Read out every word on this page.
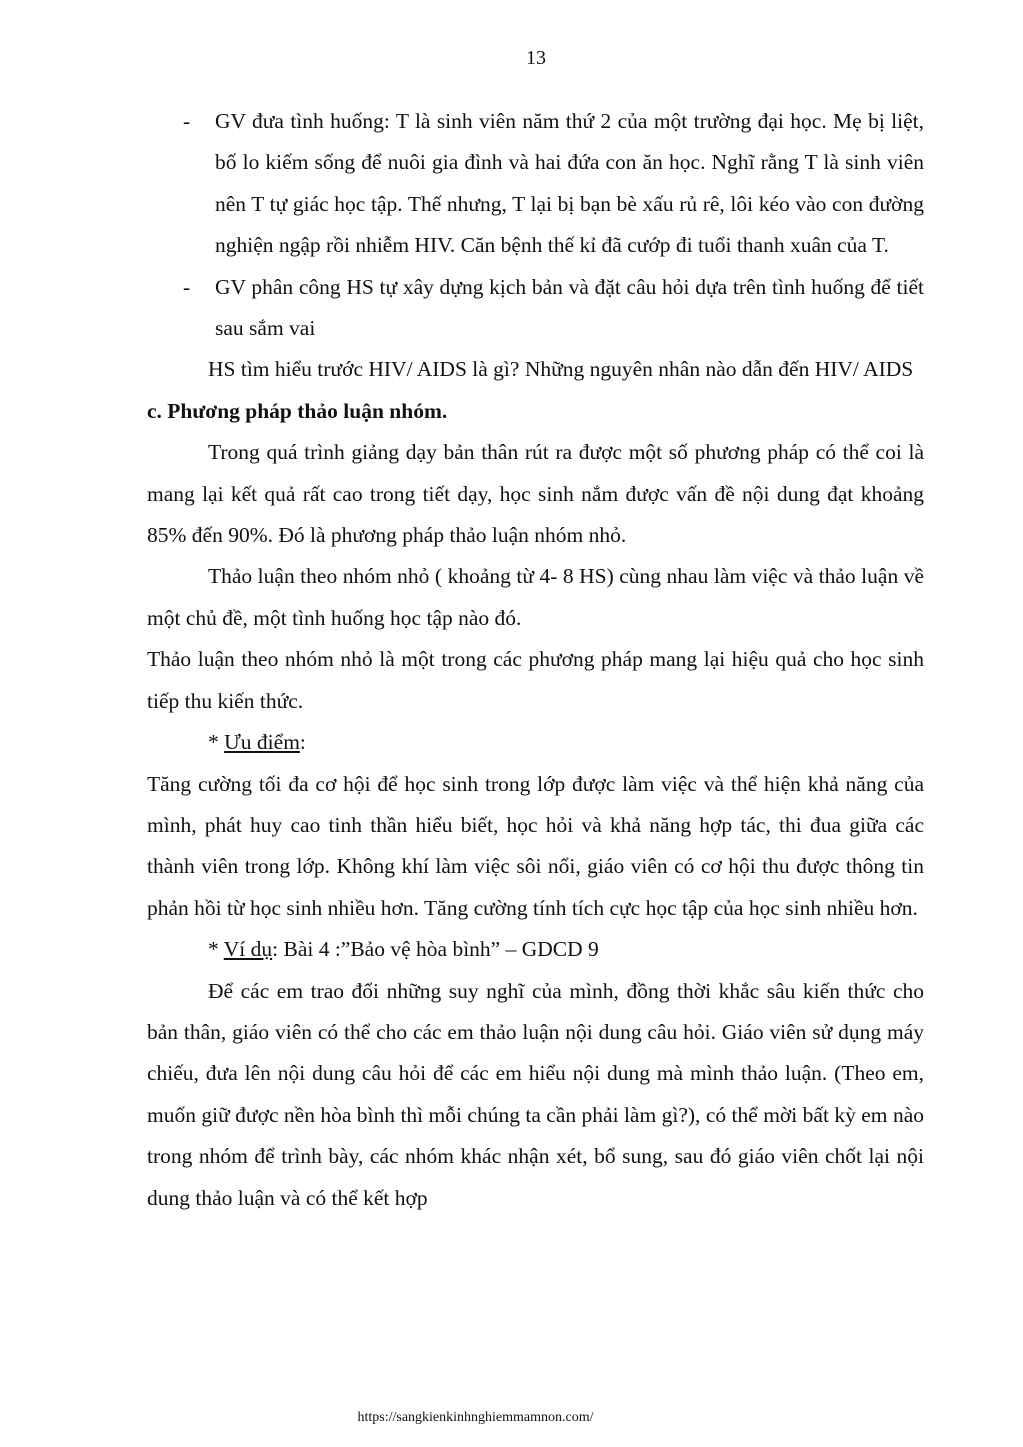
13

- GV đưa tình huống: T là sinh viên năm thứ 2 của một trường đại học. Mẹ bị liệt, bố lo kiếm sống để nuôi gia đình và hai đứa con ăn học. Nghĩ rằng T là sinh viên nên T tự giác học tập. Thế nhưng, T lại bị bạn bè xấu rủ rê, lôi kéo vào con đường nghiện ngập rồi nhiễm HIV. Căn bệnh thế kỉ đã cướp đi tuổi thanh xuân của T.

- GV phân công HS tự xây dựng kịch bản và đặt câu hỏi dựa trên tình huống để tiết sau sắm vai

HS tìm hiểu trước HIV/ AIDS là gì? Những nguyên nhân nào dẫn đến HIV/ AIDS

c. Phương pháp thảo luận nhóm.

Trong quá trình giảng dạy bản thân rút ra được một số phương pháp có thể coi là mang lại kết quả rất cao trong tiết dạy, học sinh nắm được vấn đề nội dung đạt khoảng 85% đến 90%. Đó là phương pháp thảo luận nhóm nhỏ.

Thảo luận theo nhóm nhỏ ( khoảng từ 4- 8 HS) cùng nhau làm việc và thảo luận về một chủ đề, một tình huống học tập nào đó.

Thảo luận theo nhóm nhỏ là một trong các phương pháp mang lại hiệu quả cho học sinh tiếp thu kiến thức.

* Ưu điểm:

Tăng cường tối đa cơ hội để học sinh trong lớp được làm việc và thể hiện khả năng của mình, phát huy cao tinh thần hiểu biết, học hỏi và khả năng hợp tác, thi đua giữa các thành viên trong lớp. Không khí làm việc sôi nổi, giáo viên có cơ hội thu được thông tin phản hồi từ học sinh nhiều hơn. Tăng cường tính tích cực học tập của học sinh nhiều hơn.

* Ví dụ: Bài 4 :”Bảo vệ hòa bình” – GDCD 9

Để các em trao đổi những suy nghĩ của mình, đồng thời khắc sâu kiến thức cho bản thân, giáo viên có thể cho các em thảo luận nội dung câu hỏi. Giáo viên sử dụng máy chiếu, đưa lên nội dung câu hỏi để các em hiểu nội dung mà mình thảo luận. (Theo em, muốn giữ được nền hòa bình thì mỗi chúng ta cần phải làm gì?), có thể mời bất kỳ em nào trong nhóm để trình bày, các nhóm khác nhận xét, bổ sung, sau đó giáo viên chốt lại nội dung thảo luận và có thể kết hợp

https://sangkienkinhnghiemmamnon.com/
